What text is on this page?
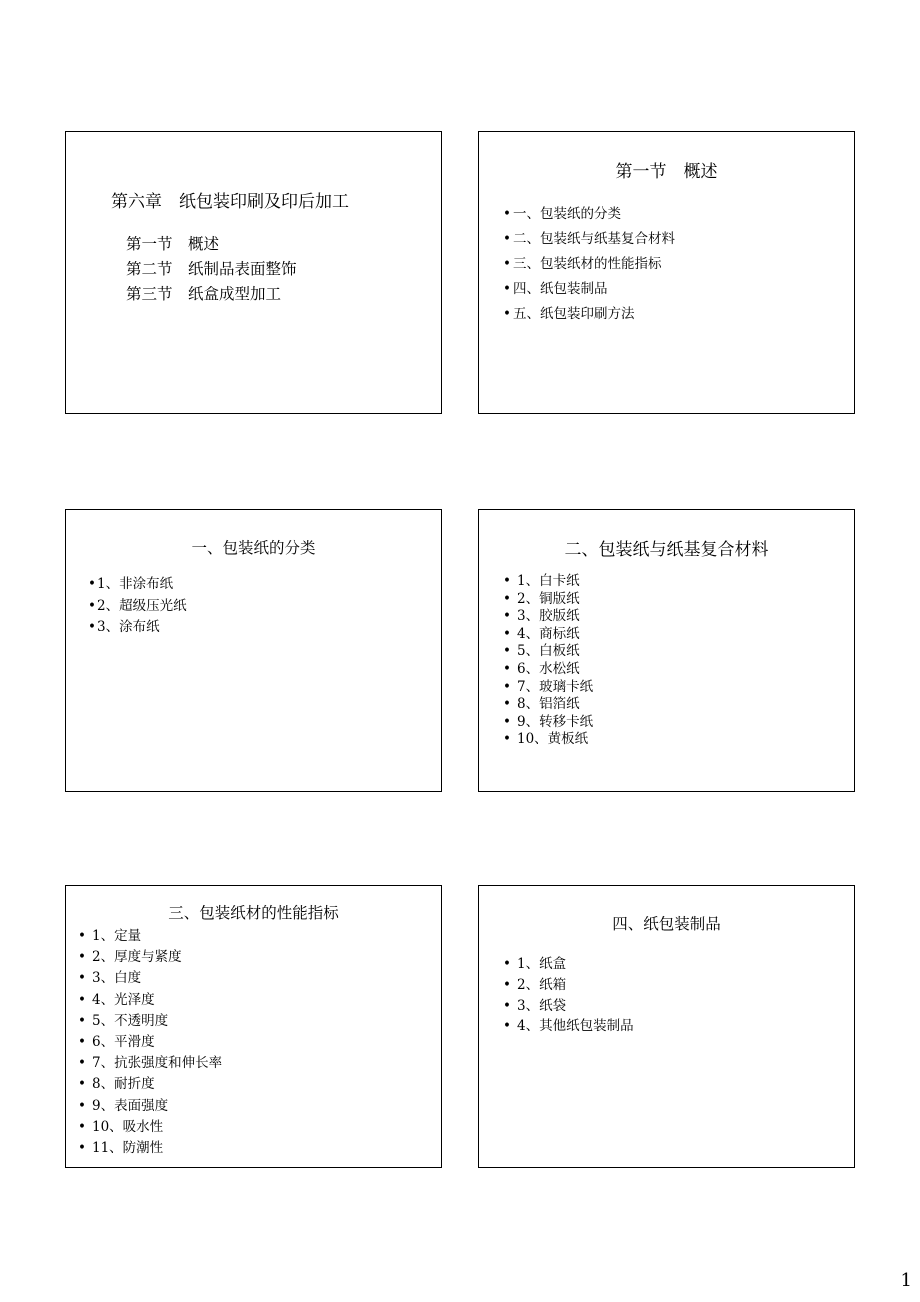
第六章　纸包装印刷及印后加工
第一节　概述
第二节　纸制品表面整饰
第三节　纸盒成型加工
第一节　概述
• 一、包装纸的分类
• 二、包装纸与纸基复合材料
• 三、包装纸材的性能指标
• 四、纸包装制品
• 五、纸包装印刷方法
一、包装纸的分类
• 1、非涂布纸
• 2、超级压光纸
• 3、涂布纸
二、包装纸与纸基复合材料
• 1、白卡纸
• 2、铜版纸
• 3、胶版纸
• 4、商标纸
• 5、白板纸
• 6、水松纸
• 7、玻璃卡纸
• 8、铝箔纸
• 9、转移卡纸
• 10、黄板纸
三、包装纸材的性能指标
• 1、定量
• 2、厚度与紧度
• 3、白度
• 4、光泽度
• 5、不透明度
• 6、平滑度
• 7、抗张强度和伸长率
• 8、耐折度
• 9、表面强度
• 10、吸水性
• 11、防潮性
四、纸包装制品
• 1、纸盒
• 2、纸箱
• 3、纸袋
• 4、其他纸包装制品
1
